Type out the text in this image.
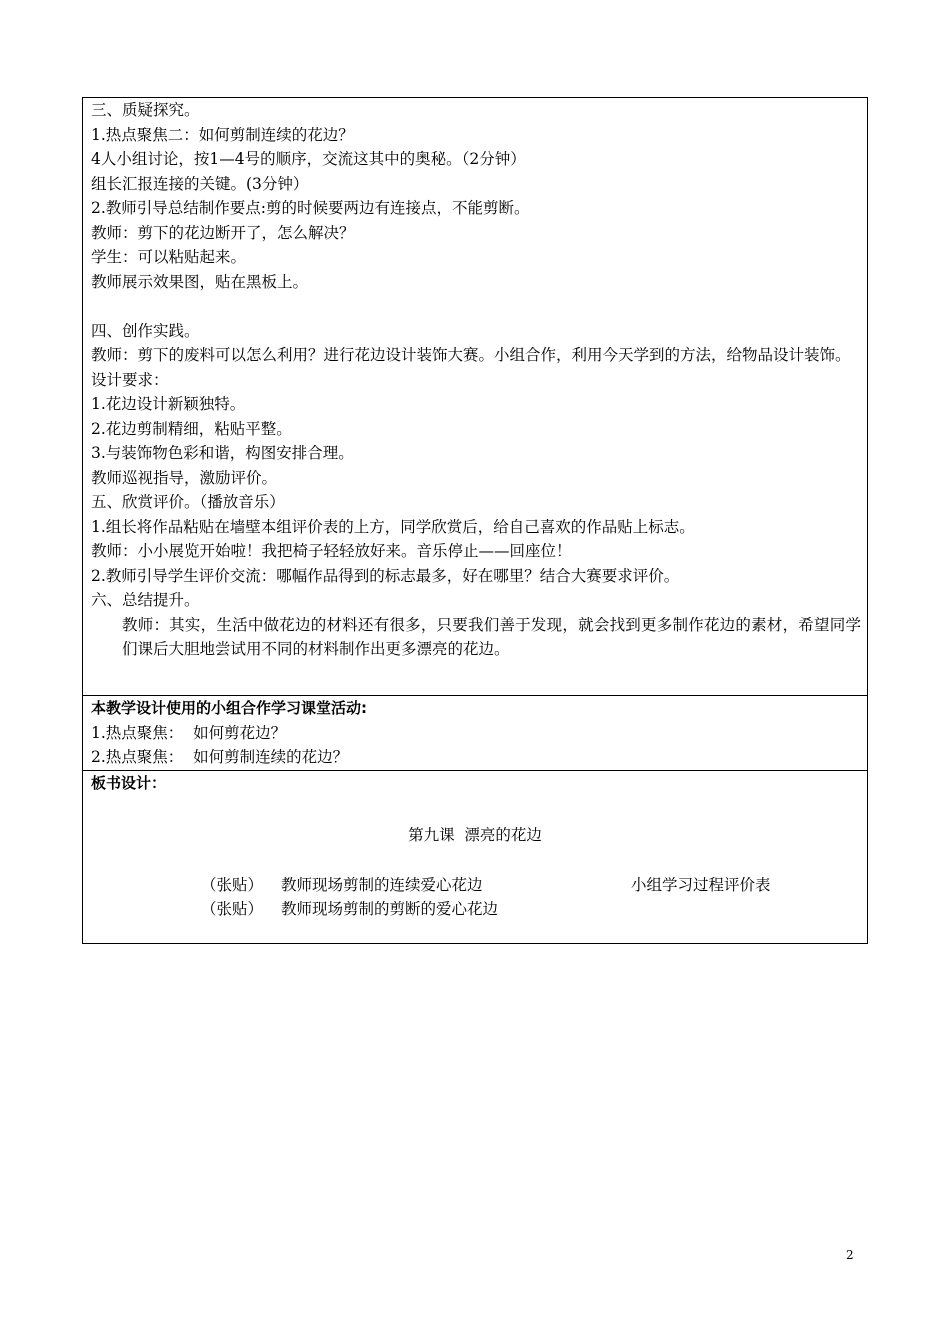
三、质疑探究。
1.热点聚焦二：如何剪制连续的花边？
4人小组讨论，按1—4号的顺序，交流这其中的奥秘。（2分钟）
组长汇报连接的关键。(3分钟）
2.教师引导总结制作要点:剪的时候要两边有连接点，不能剪断。
教师：剪下的花边断开了，怎么解决？
学生：可以粘贴起来。
教师展示效果图，贴在黑板上。
四、创作实践。
教师：剪下的废料可以怎么利用？进行花边设计装饰大赛。小组合作，利用今天学到的方法，给物品设计装饰。
设计要求：
1.花边设计新颖独特。
2.花边剪制精细，粘贴平整。
3.与装饰物色彩和谐，构图安排合理。
教师巡视指导，激励评价。
五、欣赏评价。（播放音乐）
1.组长将作品粘贴在墙壁本组评价表的上方，同学欣赏后，给自己喜欢的作品贴上标志。
教师：小小展览开始啦！我把椅子轻轻放好来。音乐停止——回座位！
2.教师引导学生评价交流：哪幅作品得到的标志最多，好在哪里？结合大赛要求评价。
六、总结提升。
教师：其实，生活中做花边的材料还有很多，只要我们善于发现，就会找到更多制作花边的素材，希望同学们课后大胆地尝试用不同的材料制作出更多漂亮的花边。
本教学设计使用的小组合作学习课堂活动:
1.热点聚焦：  如何剪花边？
2.热点聚焦：  如何剪制连续的花边？
板书设计：
第九课  漂亮的花边
（张贴） 教师现场剪制的连续爱心花边
（张贴） 教师现场剪制的剪断的爱心花边
小组学习过程评价表
2
